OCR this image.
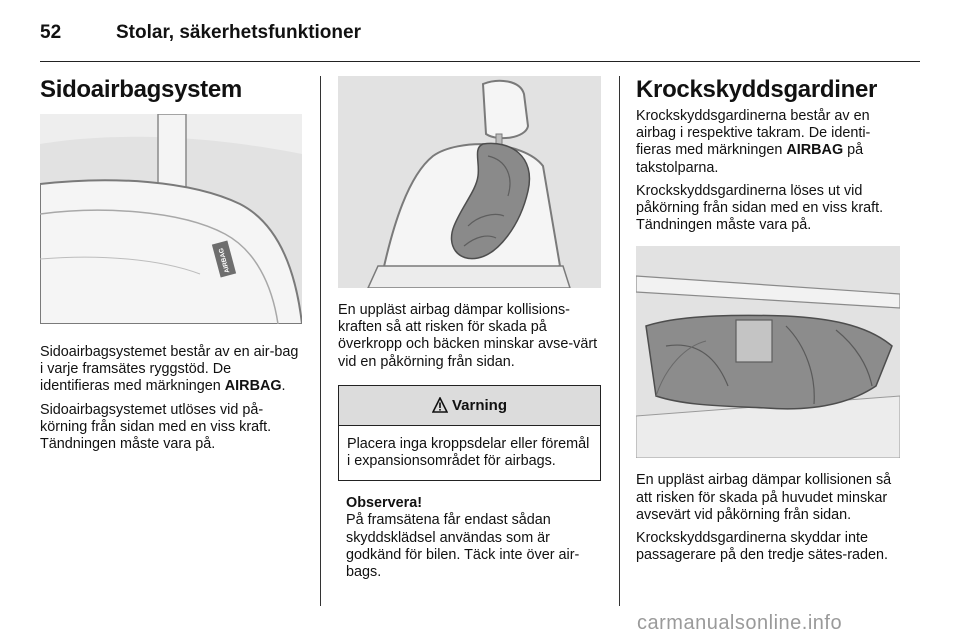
52	Stolar, säkerhetsfunktioner
Sidoairbagsystem
AIRBAG

Sidoairbagsystemet består av en air-bag i varje framsätes ryggstöd. De identifieras med märkningen AIRBAG.

Sidoairbagsystemet utlöses vid på-körning från sidan med en viss kraft. Tändningen måste vara på.

En uppläst airbag dämpar kollisions-kraften så att risken för skada på överkropp och bäcken minskar avse-värt vid en påkörning från sidan.

Varning
Placera inga kroppsdelar eller föremål i expansionsområdet för airbags.
Observera!

På framsätena får endast sådan skyddsklädsel användas som är godkänd för bilen. Täck inte över air-bags.

Krockskyddsgardiner

Krockskyddsgardinerna består av en airbag i respektive takram. De identi-fieras med märkningen AIRBAG på takstolparna.

Krockskyddsgardinerna löses ut vid påkörning från sidan med en viss kraft. Tändningen måste vara på.

En uppläst airbag dämpar kollisionen så att risken för skada på huvudet minskar avsevärt vid påkörning från sidan.

Krockskyddsgardinerna skyddar inte passagerare på den tredje sätes-raden.

carmanualsonline.info
